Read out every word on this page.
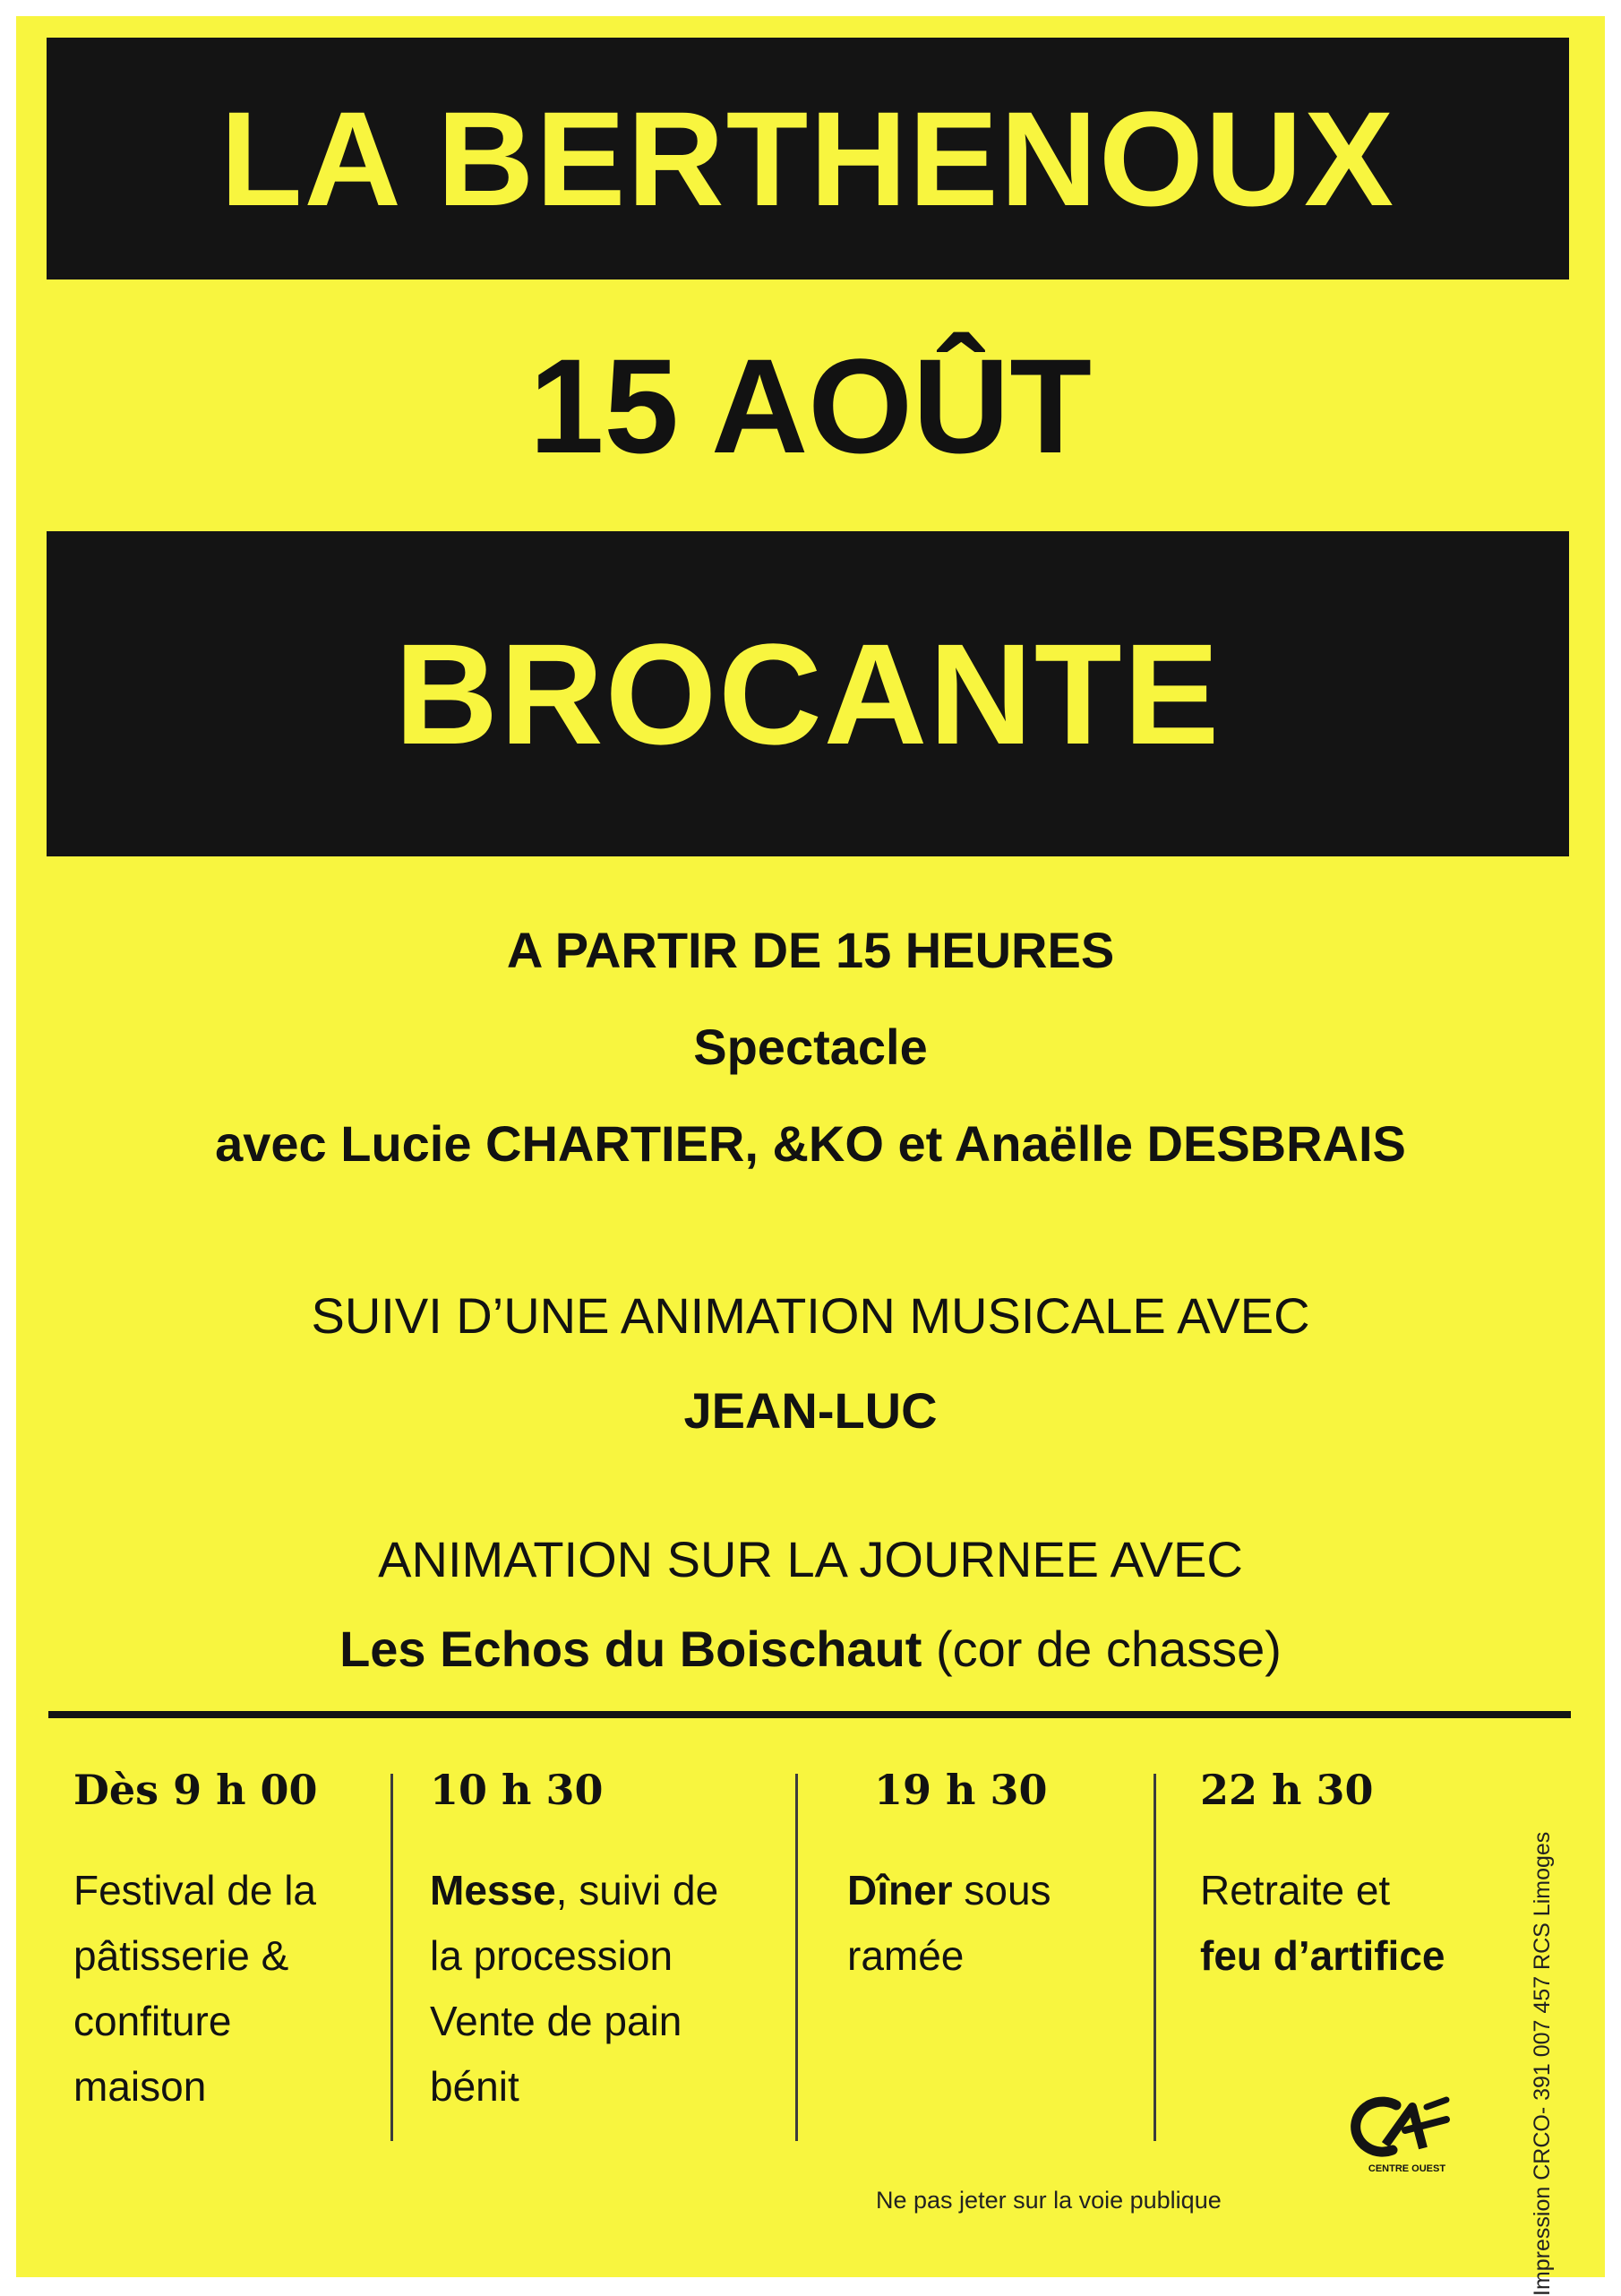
LA BERTHENOUX
15 AOÛT
BROCANTE
A PARTIR DE 15 HEURES
Spectacle
avec Lucie CHARTIER, &KO et Anaëlle DESBRAIS
SUIVI D’UNE ANIMATION MUSICALE AVEC
JEAN-LUC
ANIMATION SUR LA JOURNEE AVEC
Les Echos du Boischaut (cor de chasse)
Dès 9 h 00
Festival de la
pâtisserie &
confiture
maison
10 h 30
Messe, suivi de
la procession
Vente de pain
bénit
19 h 30
Dîner sous
ramée
22 h 30
Retraite et
feu d’artifice
CENTRE OUEST
Ne pas jeter sur la voie publique	Impression CRCO- 391 007 457 RCS Limoges
